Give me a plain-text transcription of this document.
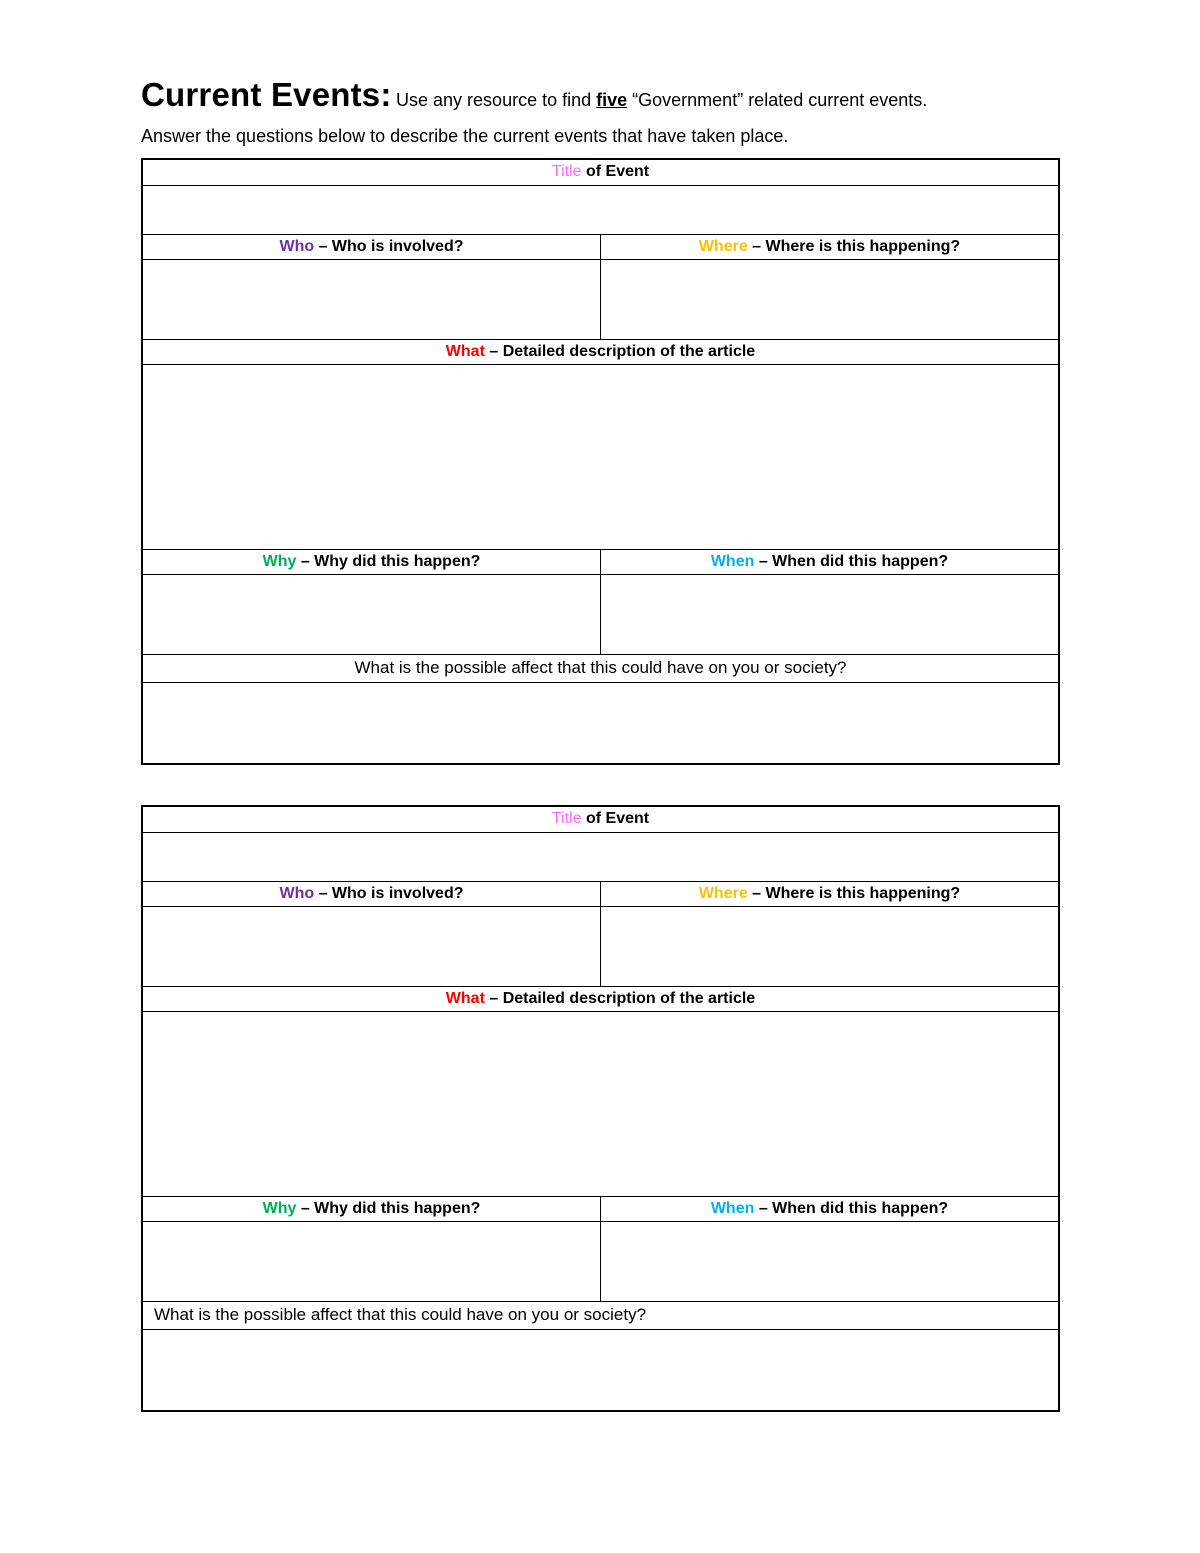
Current Events: Use any resource to find five “Government” related current events.
Answer the questions below to describe the current events that have taken place.
Title of Event
Who – Who is involved?	Where – Where is this happening?
What – Detailed description of the article
Why – Why did this happen?	When – When did this happen?
What is the possible affect that this could have on you or society?
Title of Event
Who – Who is involved?	Where – Where is this happening?
What – Detailed description of the article
Why – Why did this happen?	When – When did this happen?
What is the possible affect that this could have on you or society?
